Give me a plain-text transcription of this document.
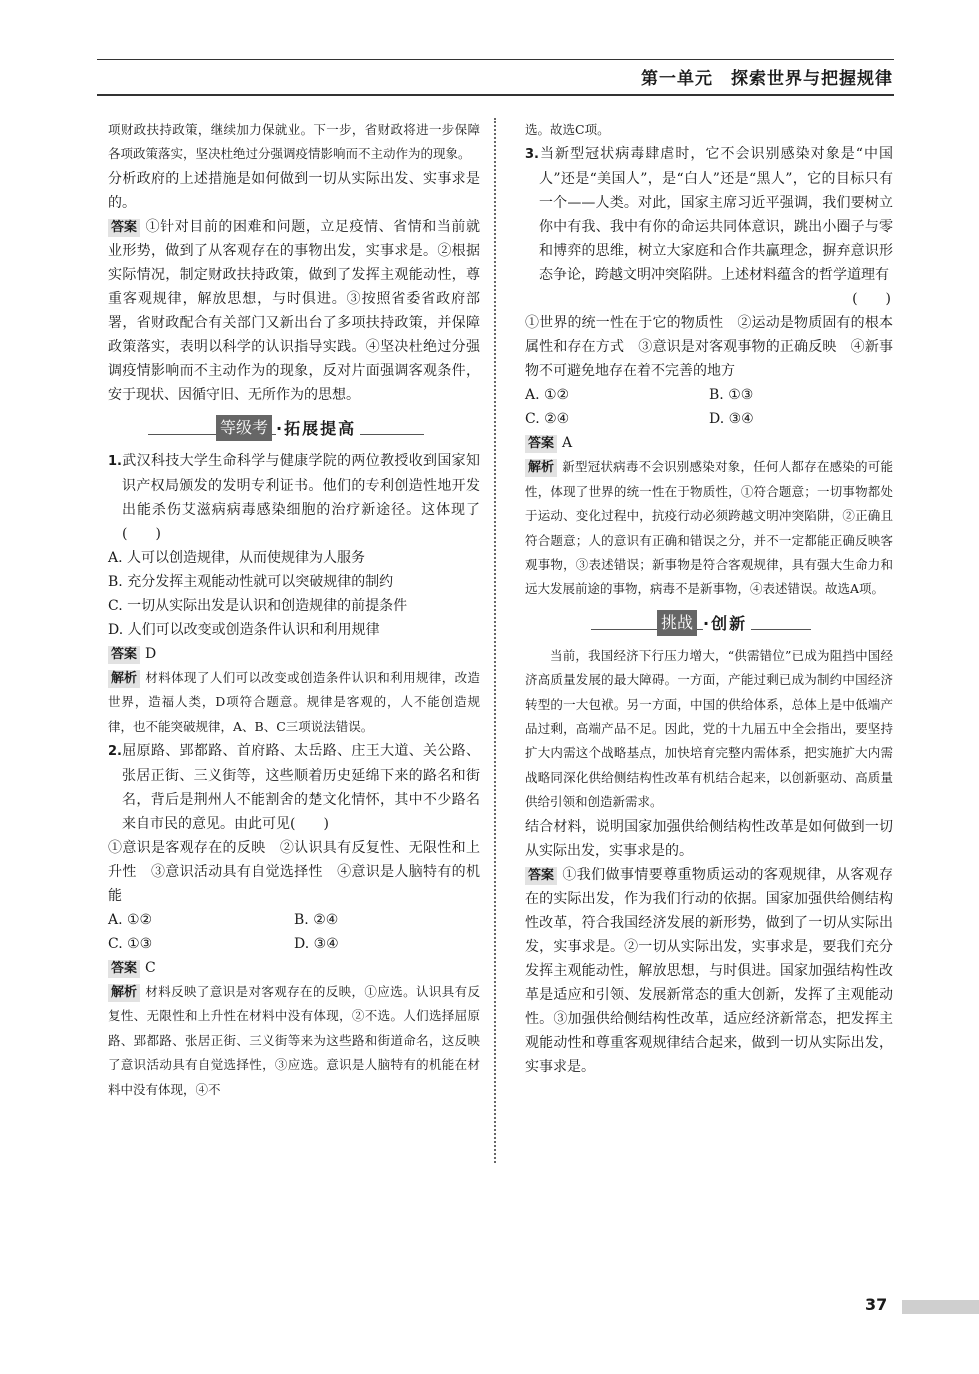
第一单元　探索世界与把握规律

项财政扶持政策，继续加力保就业。下一步，省财政将进一步保障各项政策落实，坚决杜绝过分强调疫情影响而不主动作为的现象。

分析政府的上述措施是如何做到一切从实际出发、实事求是的。

答案 ①针对目前的困难和问题，立足疫情、省情和当前就业形势，做到了从客观存在的事物出发，实事求是。②根据实际情况，制定财政扶持政策，做到了发挥主观能动性，尊重客观规律，解放思想，与时俱进。③按照省委省政府部署，省财政配合有关部门又新出台了多项扶持政策，并保障政策落实，表明以科学的认识指导实践。④坚决杜绝过分强调疫情影响而不主动作为的现象，反对片面强调客观条件，安于现状、因循守旧、无所作为的思想。

等级考 ·拓展提高

1.武汉科技大学生命科学与健康学院的两位教授收到国家知识产权局颁发的发明专利证书。他们的专利创造性地开发出能杀伤艾滋病病毒感染细胞的治疗新途径。这体现了(　　)

A. 人可以创造规律，从而使规律为人服务

B. 充分发挥主观能动性就可以突破规律的制约

C. 一切从实际出发是认识和创造规律的前提条件

D. 人们可以改变或创造条件认识和利用规律

答案 D

解析 材料体现了人们可以改变或创造条件认识和利用规律，改造世界，造福人类，D项符合题意。规律是客观的，人不能创造规律，也不能突破规律，A、B、C三项说法错误。

2.屈原路、郢都路、首府路、太岳路、庄王大道、关公路、张居正街、三义街等，这些顺着历史延绵下来的路名和街名，背后是荆州人不能割舍的楚文化情怀，其中不少路名来自市民的意见。由此可见(　　)

①意识是客观存在的反映　②认识具有反复性、无限性和上升性　③意识活动具有自觉选择性　④意识是人脑特有的机能

A. ①②	B. ②④
C. ①③	D. ③④

答案 C

解析 材料反映了意识是对客观存在的反映，①应选。认识具有反复性、无限性和上升性在材料中没有体现，②不选。人们选择屈原路、郢都路、张居正街、三义街等来为这些路和街道命名，这反映了意识活动具有自觉选择性，③应选。意识是人脑特有的机能在材料中没有体现，④不

选。故选C项。

3.当新型冠状病毒肆虐时，它不会识别感染对象是“中国人”还是“美国人”，是“白人”还是“黑人”，它的目标只有一个——人类。对此，国家主席习近平强调，我们要树立你中有我、我中有你的命运共同体意识，跳出小圈子与零和博弈的思维，树立大家庭和合作共赢理念，摒弃意识形态争论，跨越文明冲突陷阱。上述材料蕴含的哲学道理有

(　　)

①世界的统一性在于它的物质性　②运动是物质固有的根本属性和存在方式　③意识是对客观事物的正确反映　④新事物不可避免地存在着不完善的地方

A. ①②	B. ①③
C. ②④	D. ③④

答案 A

解析 新型冠状病毒不会识别感染对象，任何人都存在感染的可能性，体现了世界的统一性在于物质性，①符合题意；一切事物都处于运动、变化过程中，抗疫行动必须跨越文明冲突陷阱，②正确且符合题意；人的意识有正确和错误之分，并不一定都能正确反映客观事物，③表述错误；新事物是符合客观规律，具有强大生命力和远大发展前途的事物，病毒不是新事物，④表述错误。故选A项。

挑战 ·创新

当前，我国经济下行压力增大，“供需错位”已成为阻挡中国经济高质量发展的最大障碍。一方面，产能过剩已成为制约中国经济转型的一大包袱。另一方面，中国的供给体系，总体上是中低端产品过剩，高端产品不足。因此，党的十九届五中全会指出，要坚持扩大内需这个战略基点，加快培育完整内需体系，把实施扩大内需战略同深化供给侧结构性改革有机结合起来，以创新驱动、高质量供给引领和创造新需求。

结合材料，说明国家加强供给侧结构性改革是如何做到一切从实际出发，实事求是的。

答案 ①我们做事情要尊重物质运动的客观规律，从客观存在的实际出发，作为我们行动的依据。国家加强供给侧结构性改革，符合我国经济发展的新形势，做到了一切从实际出发，实事求是。②一切从实际出发，实事求是，要我们充分发挥主观能动性，解放思想，与时俱进。国家加强结构性改革是适应和引领、发展新常态的重大创新，发挥了主观能动性。③加强供给侧结构性改革，适应经济新常态，把发挥主观能动性和尊重客观规律结合起来，做到一切从实际出发，实事求是。

37
